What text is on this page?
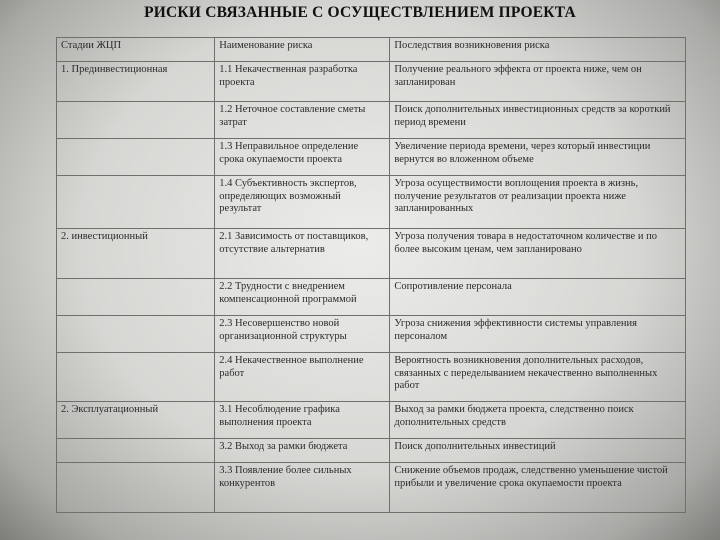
РИСКИ СВЯЗАННЫЕ С ОСУЩЕСТВЛЕНИЕМ ПРОЕКТА
Стадии ЖЦП	Наименование риска	Последствия возникновения риска
1. Прединвестиционная	1.1 Некачественная разработка проекта	Получение реального эффекта от проекта ниже, чем он запланирован
	1.2 Неточное составление сметы затрат	Поиск дополнительных инвестиционных средств за короткий период времени
	1.3 Неправильное определение срока окупаемости проекта	Увеличение периода времени, через который инвестиции вернутся во вложенном объеме
	1.4 Субъективность экспертов, определяющих возможный результат	Угроза осуществимости воплощения проекта в жизнь, получение результатов от реализации проекта ниже запланированных
2. инвестиционный	2.1 Зависимость от поставщиков, отсутствие альтернатив	Угроза получения товара в недостаточном количестве и по более высоким ценам, чем запланировано
	2.2 Трудности с внедрением компенсационной программой	Сопротивление персонала
	2.3 Несовершенство новой организационной структуры	Угроза снижения эффективности системы управления персоналом
	2.4 Некачественное выполнение работ	Вероятность возникновения дополнительных расходов, связанных с переделыванием некачественно выполненных работ
2. Эксплуатационный	3.1 Несоблюдение графика выполнения проекта	Выход за рамки бюджета проекта, следственно поиск дополнительных средств
	3.2 Выход за рамки бюджета	Поиск дополнительных инвестиций
	3.3 Появление более сильных конкурентов	Снижение объемов продаж, следственно уменьшение чистой прибыли и увеличение срока окупаемости проекта
